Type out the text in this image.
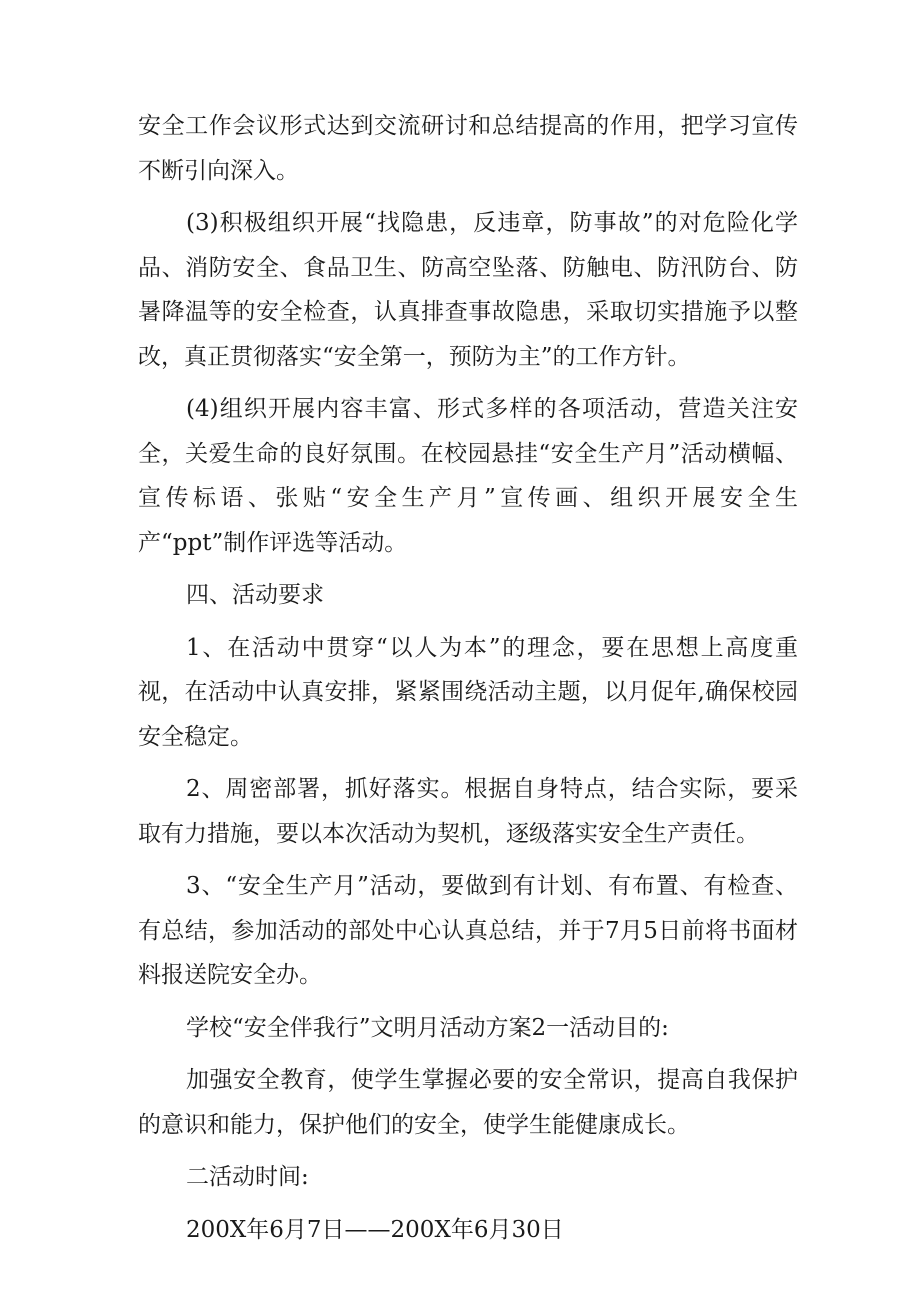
安全工作会议形式达到交流研讨和总结提高的作用，把学习宣传不断引向深入。

(3)积极组织开展“找隐患，反违章，防事故”的对危险化学品、消防安全、食品卫生、防高空坠落、防触电、防汛防台、防暑降温等的安全检查，认真排查事故隐患，采取切实措施予以整改，真正贯彻落实“安全第一，预防为主”的工作方针。

(4)组织开展内容丰富、形式多样的各项活动，营造关注安全，关爱生命的良好氛围。在校园悬挂“安全生产月”活动横幅、宣传标语、张贴“安全生产月”宣传画、组织开展安全生产“ppt”制作评选等活动。

四、活动要求

1、在活动中贯穿“以人为本”的理念，要在思想上高度重视，在活动中认真安排，紧紧围绕活动主题，以月促年,确保校园安全稳定。

2、周密部署，抓好落实。根据自身特点，结合实际，要采取有力措施，要以本次活动为契机，逐级落实安全生产责任。

3、“安全生产月”活动，要做到有计划、有布置、有检查、有总结，参加活动的部处中心认真总结，并于7月5日前将书面材料报送院安全办。

学校“安全伴我行”文明月活动方案2一活动目的:

加强安全教育，使学生掌握必要的安全常识，提高自我保护的意识和能力，保护他们的安全，使学生能健康成长。

二活动时间:

200X年6月7日——200X年6月30日
